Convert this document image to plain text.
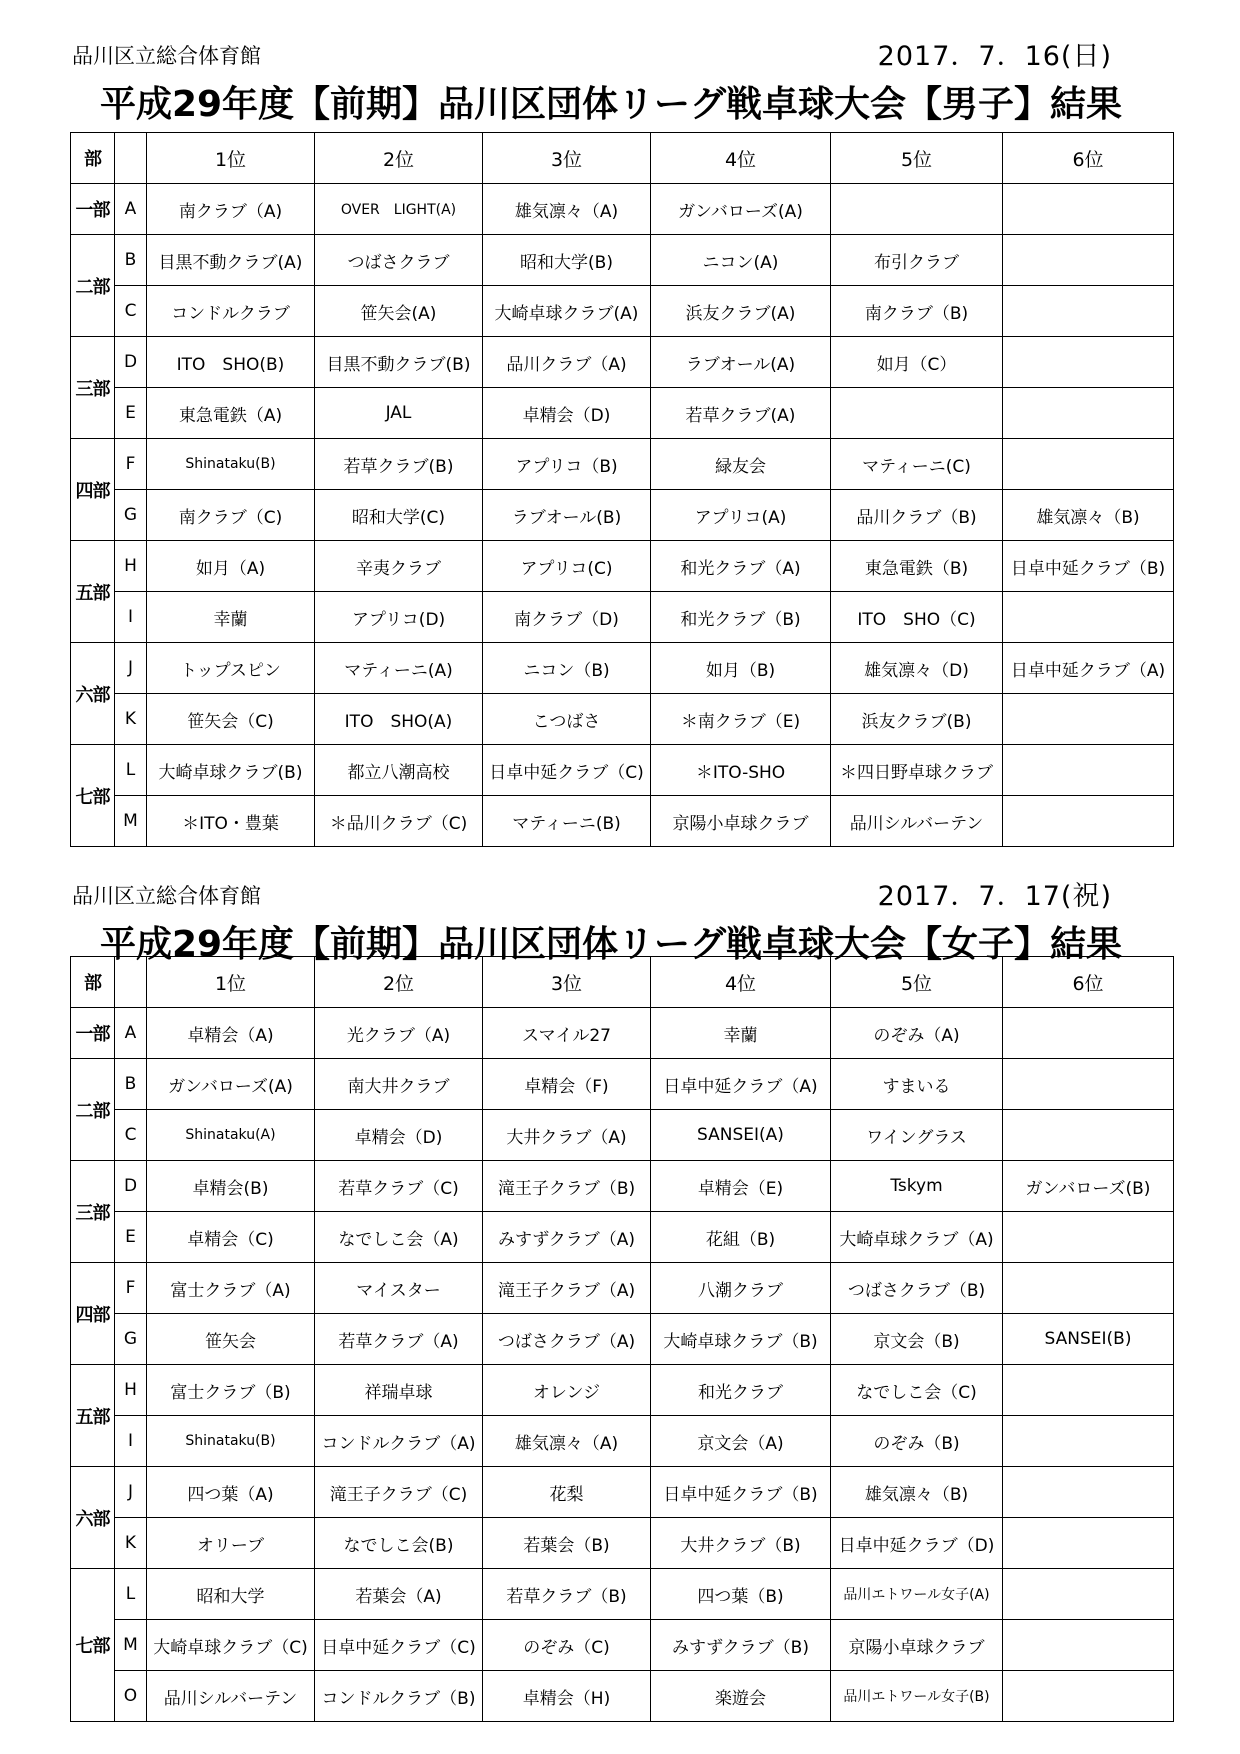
品川区立総合体育館	2017．7．16(日)
平成29年度【前期】品川区団体リーグ戦卓球大会【男子】結果
部		1位	2位	3位	4位	5位	6位
一部	A	南クラブ（A)	OVER　LIGHT(A)	雄気凛々（A)	ガンバローズ(A)		
二部	B	目黒不動クラブ(A)	つばさクラブ	昭和大学(B)	ニコン(A)	布引クラブ	
	C	コンドルクラブ	笹矢会(A)	大崎卓球クラブ(A)	浜友クラブ(A)	南クラブ（B)	
三部	D	ITO　SHO(B)	目黒不動クラブ(B)	品川クラブ（A)	ラブオール(A)	如月（C）	
	E	東急電鉄（A)	JAL	卓精会（D)	若草クラブ(A)		
四部	F	Shinataku(B)	若草クラブ(B)	アプリコ（B)	緑友会	マティーニ(C)	
	G	南クラブ（C)	昭和大学(C)	ラブオール(B)	アプリコ(A)	品川クラブ（B)	雄気凛々（B)
五部	H	如月（A)	辛夷クラブ	アプリコ(C)	和光クラブ（A)	東急電鉄（B)	日卓中延クラブ（B)
	I	幸蘭	アプリコ(D)	南クラブ（D)	和光クラブ（B)	ITO　SHO（C)	
六部	J	トップスピン	マティーニ(A)	ニコン（B)	如月（B)	雄気凛々（D)	日卓中延クラブ（A)
	K	笹矢会（C)	ITO　SHO(A)	こつばさ	＊南クラブ（E)	浜友クラブ(B)	
七部	L	大崎卓球クラブ(B)	都立八潮高校	日卓中延クラブ（C)	＊ITO-SHO	＊四日野卓球クラブ	
	M	＊ITO・豊葉	＊品川クラブ（C)	マティーニ(B)	京陽小卓球クラブ	品川シルバーテン	
品川区立総合体育館	2017．7．17(祝)
平成29年度【前期】品川区団体リーグ戦卓球大会【女子】結果
部		1位	2位	3位	4位	5位	6位
一部	A	卓精会（A)	光クラブ（A)	スマイル27	幸蘭	のぞみ（A)	
二部	B	ガンバローズ(A)	南大井クラブ	卓精会（F)	日卓中延クラブ（A)	すまいる	
	C	Shinataku(A)	卓精会（D)	大井クラブ（A)	SANSEI(A)	ワイングラス	
三部	D	卓精会(B)	若草クラブ（C)	滝王子クラブ（B)	卓精会（E)	Tskym	ガンバローズ(B)
	E	卓精会（C)	なでしこ会（A)	みすずクラブ（A)	花組（B)	大崎卓球クラブ（A)	
四部	F	富士クラブ（A)	マイスター	滝王子クラブ（A)	八潮クラブ	つばさクラブ（B)	
	G	笹矢会	若草クラブ（A)	つばさクラブ（A)	大崎卓球クラブ（B)	京文会（B)	SANSEI(B)
五部	H	富士クラブ（B)	祥瑞卓球	オレンジ	和光クラブ	なでしこ会（C)	
	I	Shinataku(B)	コンドルクラブ（A)	雄気凛々（A)	京文会（A)	のぞみ（B)	
六部	J	四つ葉（A)	滝王子クラブ（C)	花梨	日卓中延クラブ（B)	雄気凛々（B)	
	K	オリーブ	なでしこ会(B)	若葉会（B)	大井クラブ（B)	日卓中延クラブ（D)	
七部	L	昭和大学	若葉会（A)	若草クラブ（B)	四つ葉（B)	品川エトワール女子(A)	
	M	大崎卓球クラブ（C)	日卓中延クラブ（C)	のぞみ（C)	みすずクラブ（B)	京陽小卓球クラブ	
	O	品川シルバーテン	コンドルクラブ（B)	卓精会（H)	楽遊会	品川エトワール女子(B)	
